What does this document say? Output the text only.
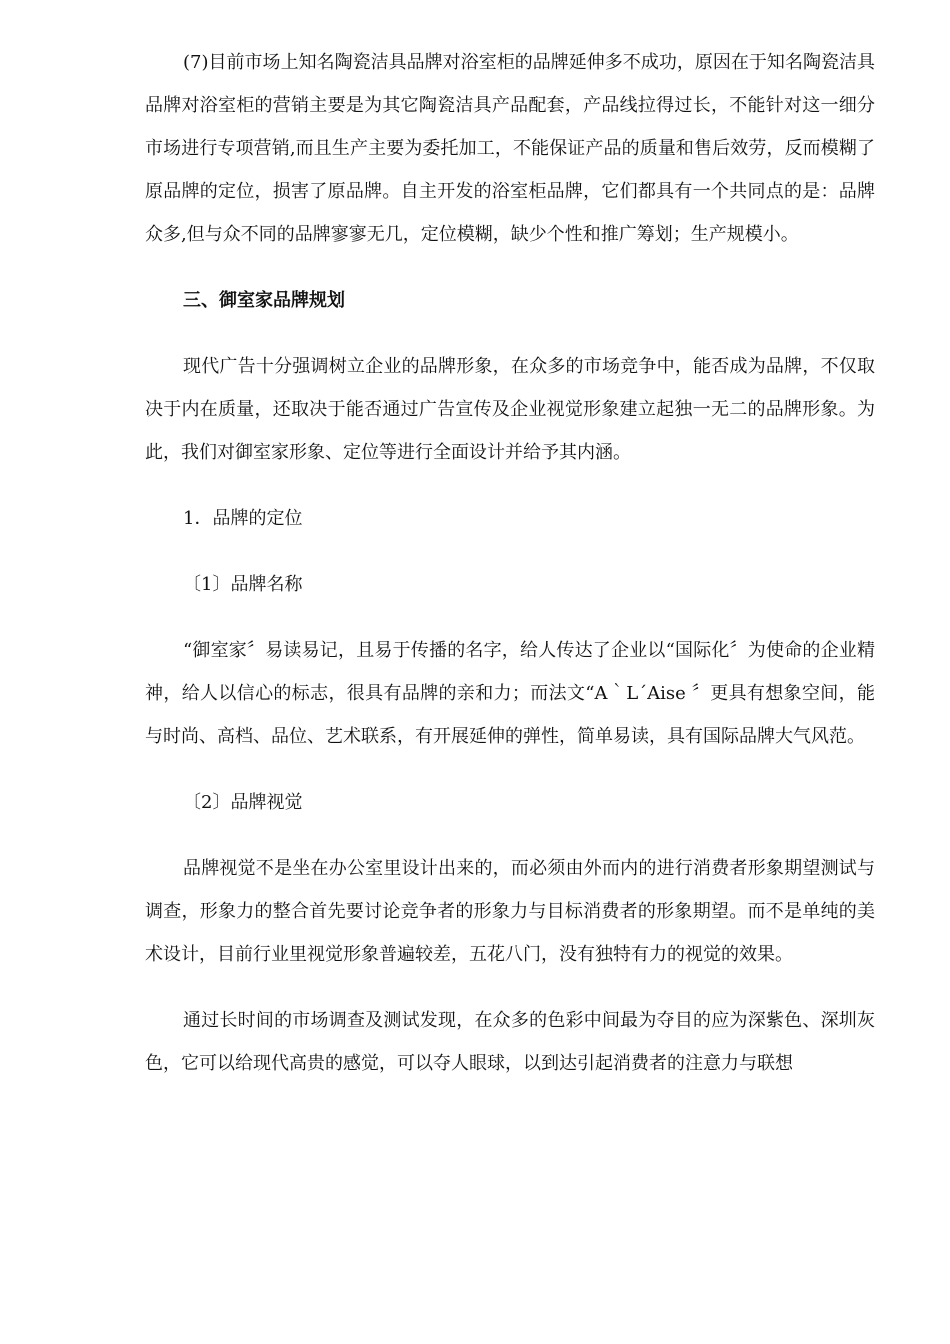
(7)目前市场上知名陶瓷洁具品牌对浴室柜的品牌延伸多不成功，原因在于知名陶瓷洁具品牌对浴室柜的营销主要是为其它陶瓷洁具产品配套，产品线拉得过长，不能针对这一细分市场进行专项营销,而且生产主要为委托加工，不能保证产品的质量和售后效劳，反而模糊了原品牌的定位，损害了原品牌。自主开发的浴室柜品牌，它们都具有一个共同点的是：品牌众多,但与众不同的品牌寥寥无几，定位模糊，缺少个性和推广筹划；生产规模小。

三、御室家品牌规划

现代广告十分强调树立企业的品牌形象，在众多的市场竞争中，能否成为品牌，不仅取决于内在质量，还取决于能否通过广告宣传及企业视觉形象建立起独一无二的品牌形象。为此，我们对御室家形象、定位等进行全面设计并给予其内涵。

1．品牌的定位

〔1〕品牌名称

“御室家〞易读易记，且易于传播的名字，给人传达了企业以“国际化〞为使命的企业精神，给人以信心的标志，很具有品牌的亲和力；而法文“A｀L´Aise 〞更具有想象空间，能与时尚、高档、品位、艺术联系，有开展延伸的弹性，简单易读，具有国际品牌大气风范。

〔2〕品牌视觉

品牌视觉不是坐在办公室里设计出来的，而必须由外而内的进行消费者形象期望测试与调查，形象力的整合首先要讨论竞争者的形象力与目标消费者的形象期望。而不是单纯的美术设计，目前行业里视觉形象普遍较差，五花八门，没有独特有力的视觉的效果。

通过长时间的市场调查及测试发现，在众多的色彩中间最为夺目的应为深紫色、深圳灰色，它可以给现代高贵的感觉，可以夺人眼球，以到达引起消费者的注意力与联想
